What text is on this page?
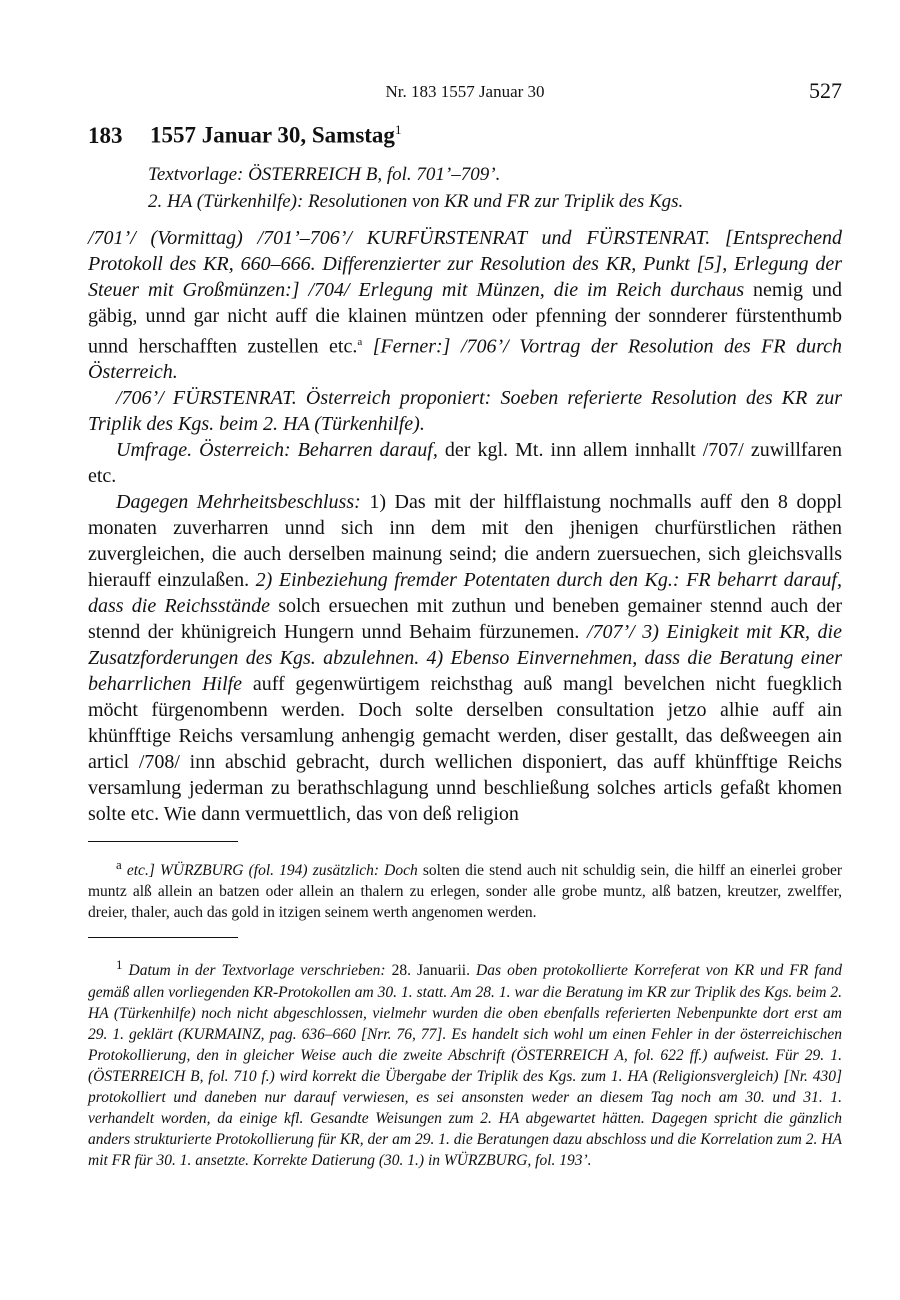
Nr. 183 1557 Januar 30	527
183 1557 Januar 30, Samstag$^1$
Textvorlage: ÖSTERREICH B, fol. 701’–709’.
2. HA (Türkenhilfe): Resolutionen von KR und FR zur Triplik des Kgs.

/701’/ (Vormittag) /701’–706’/ KURFÜRSTENRAT und FÜRSTENRAT. [Entsprechend Protokoll des KR, 660–666. Differenzierter zur Resolution des KR, Punkt [5], Erlegung der Steuer mit Großmünzen:] /704/ Erlegung mit Münzen, die im Reich durchaus nemig und gäbig, unnd gar nicht auff die klainen müntzen oder pfenning der sonnderer fürstenthumb unnd herschafften zustellen etc.$^a$ [Ferner:] /706’/ Vortrag der Resolution des FR durch Österreich.

/706’/ FÜRSTENRAT. Österreich proponiert: Soeben referierte Resolution des KR zur Triplik des Kgs. beim 2. HA (Türkenhilfe).

Umfrage. Österreich: Beharren darauf, der kgl. Mt. inn allem innhallt /707/ zuwillfaren etc.

Dagegen Mehrheitsbeschluss: 1) Das mit der hilfflaistung nochmalls auff den 8 doppl monaten zuverharren unnd sich inn dem mit den jhenigen churfürstlichen räthen zuvergleichen, die auch derselben mainung seind; die andern zuersuechen, sich gleichsvalls hierauff einzulaßen. 2) Einbeziehung fremder Potentaten durch den Kg.: FR beharrt darauf, dass die Reichsstände solch ersuechen mit zuthun und beneben gemainer stennd auch der stennd der khünigreich Hungern unnd Behaim fürzunemen. /707’/ 3) Einigkeit mit KR, die Zusatzforderungen des Kgs. abzulehnen. 4) Ebenso Einvernehmen, dass die Beratung einer beharrlichen Hilfe auff gegenwürtigem reichsthag auß mangl bevelchen nicht fuegklich möcht fürgenombenn werden. Doch solte derselben consultation jetzo alhie auff ain khünfftige Reichs versamlung anhengig gemacht werden, diser gestallt, das deßweegen ain articl /708/ inn abschid gebracht, durch wellichen disponiert, das auff khünfftige Reichs versamlung jederman zu berathschlagung unnd beschließung solches articls gefaßt khomen solte etc. Wie dann vermuettlich, das von deß religion

$^a$ etc.] WÜRZBURG (fol. 194) zusätzlich: Doch solten die stend auch nit schuldig sein, die hilff an einerlei grober muntz alß allein an batzen oder allein an thalern zu erlegen, sonder alle grobe muntz, alß batzen, kreutzer, zwelffer, dreier, thaler, auch das gold in itzigen seinem werth angenomen werden.
$^1$ Datum in der Textvorlage verschrieben: 28. Januarii. Das oben protokollierte Korreferat von KR und FR fand gemäß allen vorliegenden KR-Protokollen am 30. 1. statt. Am 28. 1. war die Beratung im KR zur Triplik des Kgs. beim 2. HA (Türkenhilfe) noch nicht abgeschlossen, vielmehr wurden die oben ebenfalls referierten Nebenpunkte dort erst am 29. 1. geklärt (KURMAINZ, pag. 636–660 [Nrr. 76, 77]. Es handelt sich wohl um einen Fehler in der österreichischen Protokollierung, den in gleicher Weise auch die zweite Abschrift (ÖSTERREICH A, fol. 622 ff.) aufweist. Für 29. 1. (ÖSTERREICH B, fol. 710 f.) wird korrekt die Übergabe der Triplik des Kgs. zum 1. HA (Religionsvergleich) [Nr. 430] protokolliert und daneben nur darauf verwiesen, es sei ansonsten weder an diesem Tag noch am 30. und 31. 1. verhandelt worden, da einige kfl. Gesandte Weisungen zum 2. HA abgewartet hätten. Dagegen spricht die gänzlich anders strukturierte Protokollierung für KR, der am 29. 1. die Beratungen dazu abschloss und die Korrelation zum 2. HA mit FR für 30. 1. ansetzte. Korrekte Datierung (30. 1.) in WÜRZBURG, fol. 193’.
